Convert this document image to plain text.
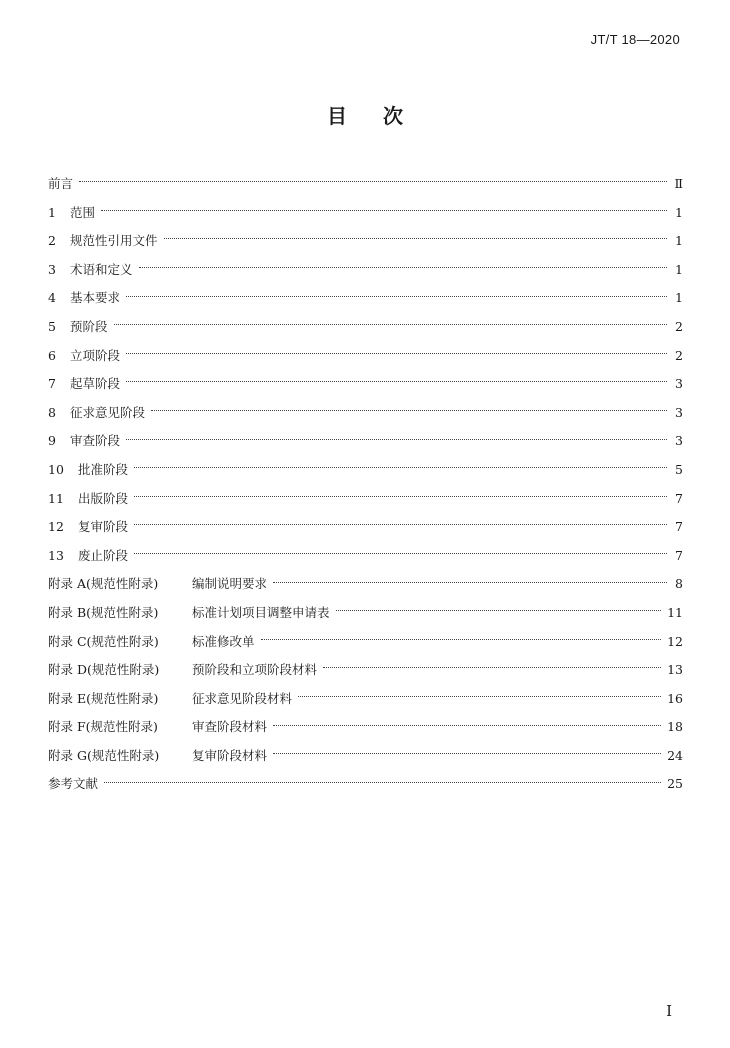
JT/T 18—2020
目次
前言	Ⅱ
1	范围	1
2	规范性引用文件	1
3	术语和定义	1
4	基本要求	1
5	预阶段	2
6	立项阶段	2
7	起草阶段	3
8	征求意见阶段	3
9	审查阶段	3
10	批准阶段	5
11	出版阶段	7
12	复审阶段	7
13	废止阶段	7
附录 A(规范性附录)	编制说明要求	8
附录 B(规范性附录)	标准计划项目调整申请表	11
附录 C(规范性附录)	标准修改单	12
附录 D(规范性附录)	预阶段和立项阶段材料	13
附录 E(规范性附录)	征求意见阶段材料	16
附录 F(规范性附录)	审查阶段材料	18
附录 G(规范性附录)	复审阶段材料	24
参考文献	25
Ⅰ
